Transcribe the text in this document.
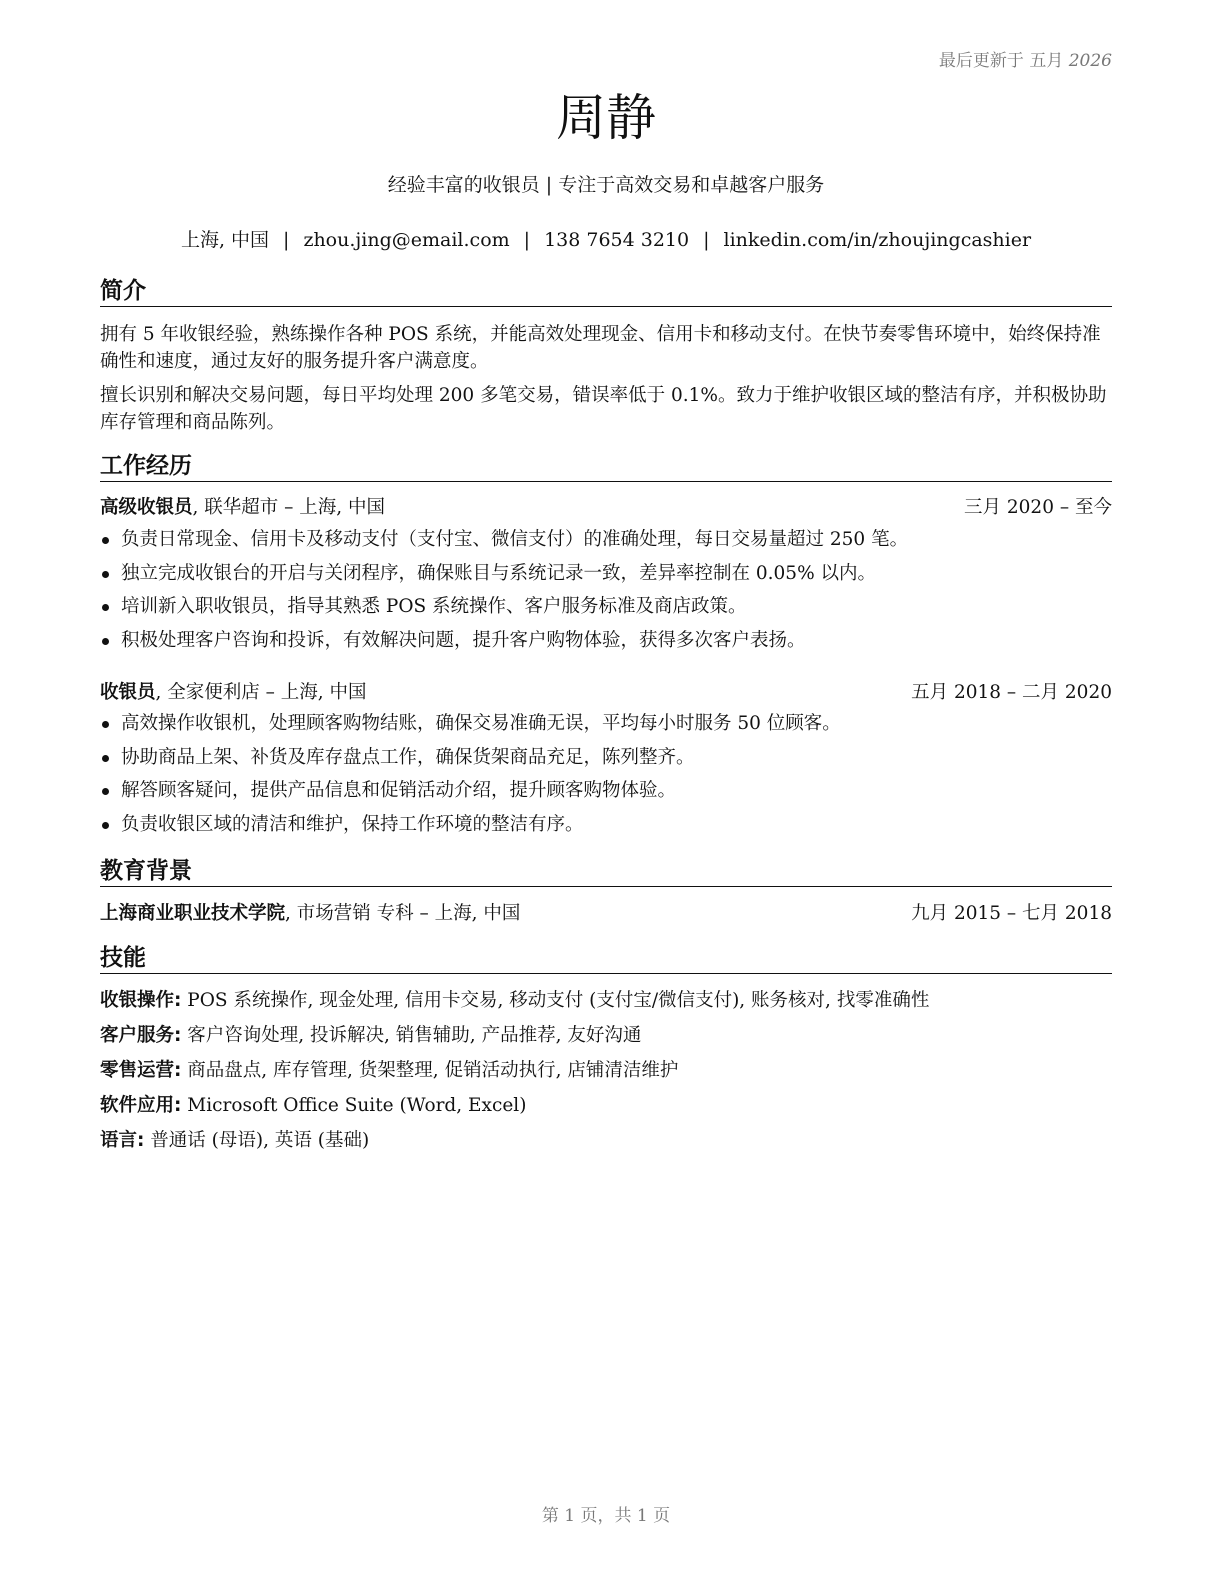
最后更新于 五月 2026
周静
经验丰富的收银员 | 专注于高效交易和卓越客户服务
上海, 中国 | zhou.jing@email.com | 138 7654 3210 | linkedin.com/in/zhoujingcashier
简介
拥有 5 年收银经验，熟练操作各种 POS 系统，并能高效处理现金、信用卡和移动支付。在快节奏零售环境中，始终保持准确性和速度，通过友好的服务提升客户满意度。
擅长识别和解决交易问题，每日平均处理 200 多笔交易，错误率低于 0.1%。致力于维护收银区域的整洁有序，并积极协助库存管理和商品陈列。
工作经历
高级收银员, 联华超市 – 上海, 中国	三月 2020 – 至今
负责日常现金、信用卡及移动支付（支付宝、微信支付）的准确处理，每日交易量超过 250 笔。
独立完成收银台的开启与关闭程序，确保账目与系统记录一致，差异率控制在 0.05% 以内。
培训新入职收银员，指导其熟悉 POS 系统操作、客户服务标准及商店政策。
积极处理客户咨询和投诉，有效解决问题，提升客户购物体验，获得多次客户表扬。
收银员, 全家便利店 – 上海, 中国	五月 2018 – 二月 2020
高效操作收银机，处理顾客购物结账，确保交易准确无误，平均每小时服务 50 位顾客。
协助商品上架、补货及库存盘点工作，确保货架商品充足，陈列整齐。
解答顾客疑问，提供产品信息和促销活动介绍，提升顾客购物体验。
负责收银区域的清洁和维护，保持工作环境的整洁有序。
教育背景
上海商业职业技术学院, 市场营销 专科 – 上海, 中国	九月 2015 – 七月 2018
技能
收银操作: POS 系统操作, 现金处理, 信用卡交易, 移动支付 (支付宝/微信支付), 账务核对, 找零准确性
客户服务: 客户咨询处理, 投诉解决, 销售辅助, 产品推荐, 友好沟通
零售运营: 商品盘点, 库存管理, 货架整理, 促销活动执行, 店铺清洁维护
软件应用: Microsoft Office Suite (Word, Excel)
语言: 普通话 (母语), 英语 (基础)
第 1 页，共 1 页
